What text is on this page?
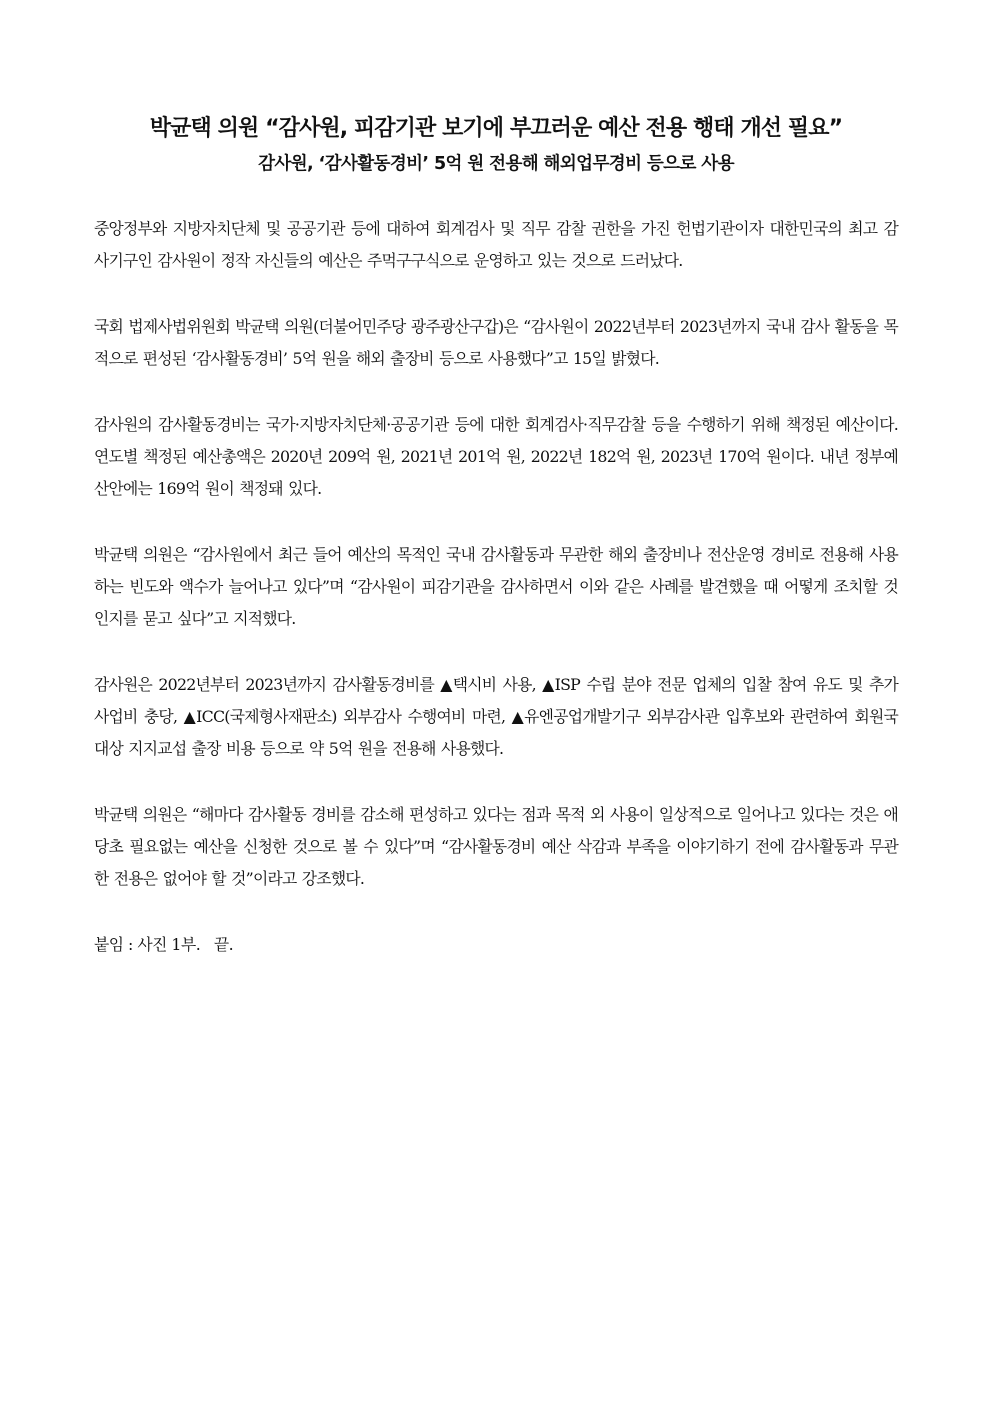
박균택 의원 “감사원, 피감기관 보기에 부끄러운 예산 전용 행태 개선 필요”
감사원, ‘감사활동경비’ 5억 원 전용해 해외업무경비 등으로 사용

중앙정부와 지방자치단체 및 공공기관 등에 대하여 회계검사 및 직무 감찰 권한을 가진 헌법기관이자 대한민국의 최고 감사기구인 감사원이 정작 자신들의 예산은 주먹구구식으로 운영하고 있는 것으로 드러났다.

국회 법제사법위원회 박균택 의원(더불어민주당 광주광산구갑)은 “감사원이 2022년부터 2023년까지 국내 감사 활동을 목적으로 편성된 ‘감사활동경비’ 5억 원을 해외 출장비 등으로 사용했다”고 15일 밝혔다.

감사원의 감사활동경비는 국가·지방자치단체·공공기관 등에 대한 회계검사·직무감찰 등을 수행하기 위해 책정된 예산이다. 연도별 책정된 예산총액은 2020년 209억 원, 2021년 201억 원, 2022년 182억 원, 2023년 170억 원이다. 내년 정부예산안에는 169억 원이 책정돼 있다.

박균택 의원은 “감사원에서 최근 들어 예산의 목적인 국내 감사활동과 무관한 해외 출장비나 전산운영 경비로 전용해 사용하는 빈도와 액수가 늘어나고 있다”며 “감사원이 피감기관을 감사하면서 이와 같은 사례를 발견했을 때 어떻게 조치할 것인지를 묻고 싶다”고 지적했다.

감사원은 2022년부터 2023년까지 감사활동경비를 ▲택시비 사용, ▲ISP 수립 분야 전문 업체의 입찰 참여 유도 및 추가 사업비 충당, ▲ICC(국제형사재판소) 외부감사 수행여비 마련, ▲유엔공업개발기구 외부감사관 입후보와 관련하여 회원국 대상 지지교섭 출장 비용 등으로 약 5억 원을 전용해 사용했다.

박균택 의원은 “해마다 감사활동 경비를 감소해 편성하고 있다는 점과 목적 외 사용이 일상적으로 일어나고 있다는 것은 애당초 필요없는 예산을 신청한 것으로 볼 수 있다”며 “감사활동경비 예산 삭감과 부족을 이야기하기 전에 감사활동과 무관한 전용은 없어야 할 것”이라고 강조했다.

붙임 : 사진 1부.   끝.
